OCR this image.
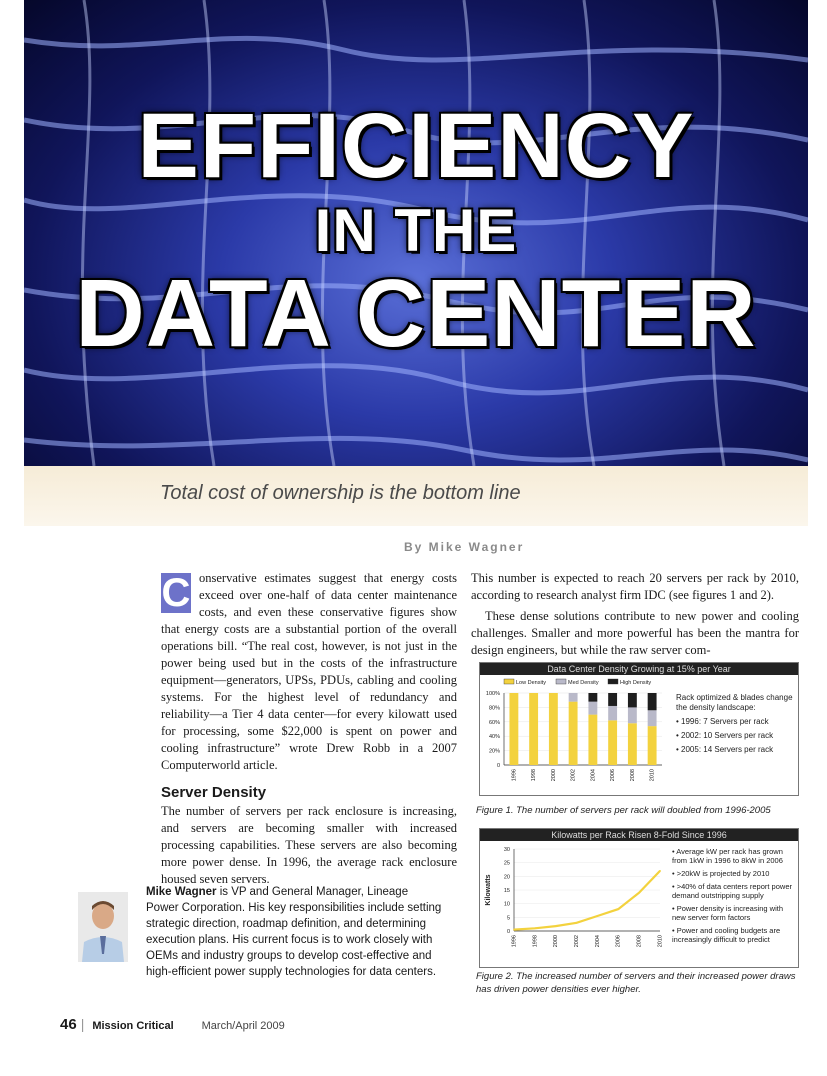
EFFICIENCY
IN THE
DATA CENTER
Total cost of ownership is the bottom line
By Mike Wagner
C onservative estimates suggest that energy costs exceed over one-half of data center maintenance costs, and even these conservative figures show that energy costs are a substantial portion of the overall operations bill. “The real cost, however, is not just in the power being used but in the costs of the infrastructure equipment—generators, UPSs, PDUs, cabling and cooling systems. For the highest level of redundancy and reliability—a Tier 4 data center—for every kilowatt used for processing, some $22,000 is spent on power and cooling infrastructure” wrote Drew Robb in a 2007 Computerworld article.

Server Density

The number of servers per rack enclosure is increasing, and servers are becoming smaller with increased processing capabilities. These servers are also becoming more power dense. In 1996, the average rack enclosure housed seven servers.

This number is expected to reach 20 servers per rack by 2010, according to research analyst firm IDC (see figures 1 and 2).

These dense solutions contribute to new power and cooling challenges. Smaller and more powerful has been the mantra for design engineers, but while the raw server com-

Data Center Density Growing at 15% per Year
Low Density	Med Density	High Density
0
20%
40%
60%
80%
100%
1996	1998	2000	2002	2004	2006	2008	2010
Rack optimized & blades change the density landscape:
• 1996: 7 Servers per rack
• 2002: 10 Servers per rack
• 2005: 14 Servers per rack
Figure 1. The number of servers per rack will doubled from 1996-2005
Kilowatts per Rack Risen 8-Fold Since 1996
Kilowatts
0
5
10
15
20
25
30
1996	1998	2000	2002	2004	2006	2008	2010
• Average kW per rack has grown from 1kW in 1996 to 8kW in 2006
• >20kW is projected by 2010
• >40% of data centers report power demand outstripping supply
• Power density is increasing with new server form factors
• Power and cooling budgets are increasingly difficult to predict
Figure 2. The increased number of servers and their increased power draws has driven power densities ever higher.
Mike Wagner is VP and General Manager, Lineage Power Corporation. His key responsibilities include setting strategic direction, roadmap definition, and determining execution plans. His current focus is to work closely with OEMs and industry groups to develop cost-effective and high-efficient power supply technologies for data centers.
46 | Mission Critical	March/April 2009
